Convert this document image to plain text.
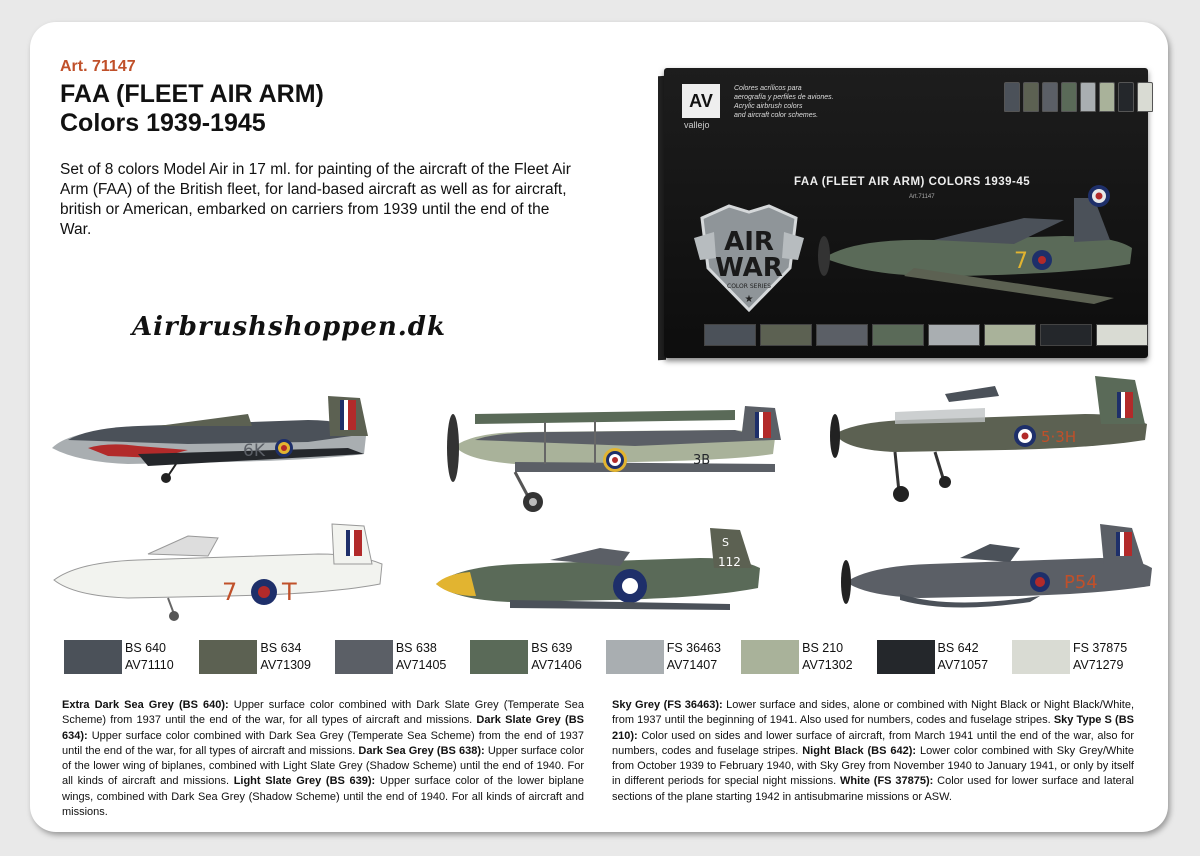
Art. 71147
FAA (FLEET AIR ARM)
Colors 1939-1945

Set of 8 colors Model Air in 17 ml. for painting of the aircraft of the Fleet Air Arm (FAA) of the British fleet, for land-based aircraft as well as for aircraft, british or American, embarked on carriers from 1939 until the end of the War.

Airbrushshoppen.dk
AV
vallejo
Colores acrílicos para
aerografía y perfiles de aviones.
Acrylic airbrush colors
and aircraft color schemes.
FAA (FLEET AIR ARM) COLORS 1939-45
Art.71147
AIR
WAR
COLOR SERIES
★
7
6K	3B
5·3H
7 T
S
112
P54
BS 640
AV71110
BS 634
AV71309
BS 638
AV71405
BS 639
AV71406
FS 36463
AV71407
BS 210
AV71302
BS 642
AV71057
FS 37875
AV71279

Extra Dark Sea Grey (BS 640): Upper surface color combined with Dark Slate Grey (Temperate Sea Scheme) from 1937 until the end of the war, for all types of aircraft and missions. Dark Slate Grey (BS 634): Upper surface color combined with Dark Sea Grey (Temperate Sea Scheme) from the end of 1937 until the end of the war, for all types of aircraft and missions. Dark Sea Grey (BS 638): Upper surface color of the lower wing of biplanes, combined with Light Slate Grey (Shadow Scheme) until the end of 1940. For all kinds of aircraft and missions. Light Slate Grey (BS 639): Upper surface color of the lower biplane wings, combined with Dark Sea Grey (Shadow Scheme) until the end of 1940. For all kinds of aircraft and missions.

Sky Grey (FS 36463): Lower surface and sides, alone or combined with Night Black or Night Black/White, from 1937 until the beginning of 1941. Also used for numbers, codes and fuselage stripes. Sky Type S (BS 210): Color used on sides and lower surface of aircraft, from March 1941 until the end of the war, also for numbers, codes and fuselage stripes. Night Black (BS 642): Lower color combined with Sky Grey/White from October 1939 to February 1940, with Sky Grey from November 1940 to January 1941, or only by itself in different periods for special night missions. White (FS 37875): Color used for lower surface and lateral sections of the plane starting 1942 in antisubmarine missions or ASW.
